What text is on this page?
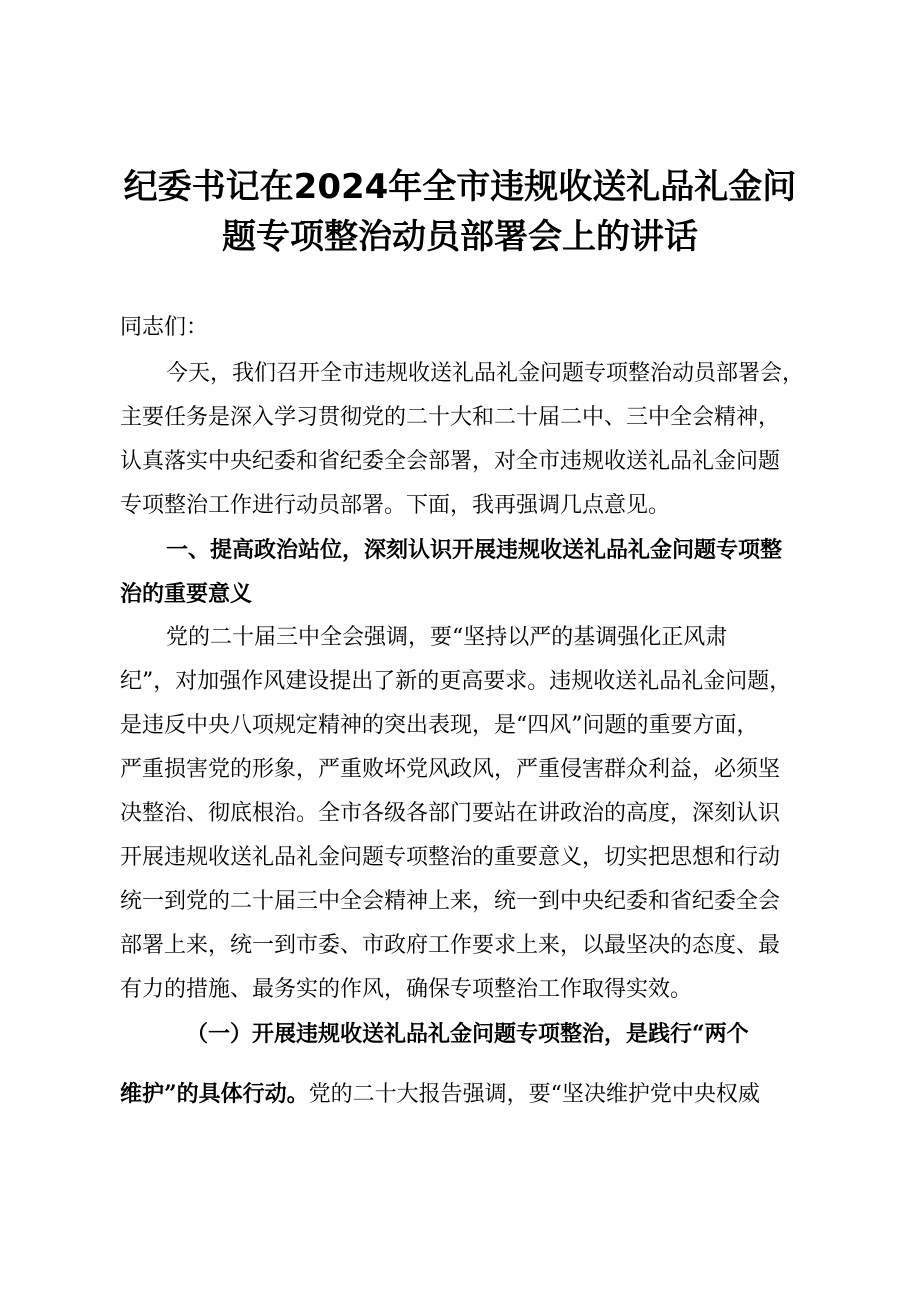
纪委书记在2024年全市违规收送礼品礼金问
题专项整治动员部署会上的讲话
同志们：
今天，我们召开全市违规收送礼品礼金问题专项整治动员部署会，
主要任务是深入学习贯彻党的二十大和二十届二中、三中全会精神，
认真落实中央纪委和省纪委全会部署，对全市违规收送礼品礼金问题
专项整治工作进行动员部署。下面，我再强调几点意见。
一、提高政治站位，深刻认识开展违规收送礼品礼金问题专项整
治的重要意义
党的二十届三中全会强调，要“坚持以严的基调强化正风肃
纪”，对加强作风建设提出了新的更高要求。违规收送礼品礼金问题，
是违反中央八项规定精神的突出表现，是“四风”问题的重要方面，
严重损害党的形象，严重败坏党风政风，严重侵害群众利益，必须坚
决整治、彻底根治。全市各级各部门要站在讲政治的高度，深刻认识
开展违规收送礼品礼金问题专项整治的重要意义，切实把思想和行动
统一到党的二十届三中全会精神上来，统一到中央纪委和省纪委全会
部署上来，统一到市委、市政府工作要求上来，以最坚决的态度、最
有力的措施、最务实的作风，确保专项整治工作取得实效。
（一）开展违规收送礼品礼金问题专项整治，是践行“两个
维护”的具体行动。党的二十大报告强调，要“坚决维护党中央权威
